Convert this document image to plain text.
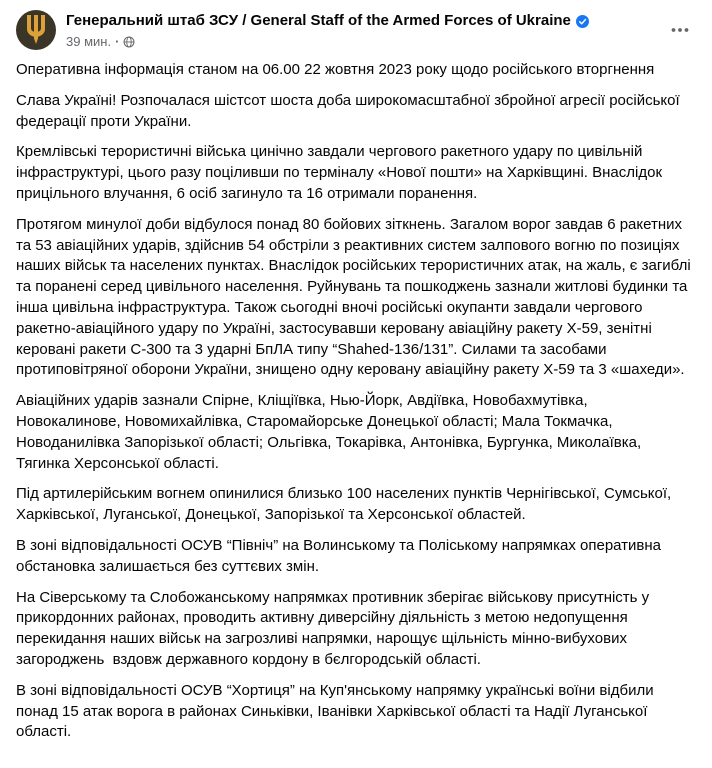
Генеральний штаб ЗСУ / General Staff of the Armed Forces of Ukraine
39 мин. ·

Оперативна інформація станом на 06.00 22 жовтня 2023 року щодо російського вторгнення

Слава Україні! Розпочалася шістсот шоста доба широкомасштабної збройної агресії російської федерації проти України.

Кремлівські терористичні війська цинічно завдали чергового ракетного удару по цивільній інфраструктурі, цього разу поціливши по терміналу «Нової пошти» на Харківщині. Внаслідок прицільного влучання, 6 осіб загинуло та 16 отримали поранення.

Протягом минулої доби відбулося понад 80 бойових зіткнень. Загалом ворог завдав 6 ракетних та 53 авіаційних ударів, здійснив 54 обстріли з реактивних систем залпового вогню по позиціях наших військ та населених пунктах. Внаслідок російських терористичних атак, на жаль, є загиблі та поранені серед цивільного населення. Руйнувань та пошкоджень зазнали житлові будинки та інша цивільна інфраструктура. Також сьогодні вночі російські окупанти завдали чергового ракетно-авіаційного удару по Україні, застосувавши керовану авіаційну ракету Х-59, зенітні керовані ракети С-300 та 3 ударні БпЛА типу “Shahed-136/131”. Силами та засобами протиповітряної оборони України, знищено одну керовану авіаційну ракету Х-59 та 3 «шахеди».

Авіаційних ударів зазнали Спірне, Кліщіївка, Нью-Йорк, Авдіївка, Новобахмутівка, Новокалинове, Новомихайлівка, Старомайорське Донецької області; Мала Токмачка, Новоданилівка Запорізької області; Ольгівка, Токарівка, Антонівка, Бургунка, Миколаївка, Тягинка Херсонської області.

Під артилерійським вогнем опинилися близько 100 населених пунктів Чернігівської, Сумської, Харківської, Луганської, Донецької, Запорізької та Херсонської областей.

В зоні відповідальності ОСУВ “Північ” на Волинському та Поліському напрямках оперативна обстановка залишається без суттєвих змін.

На Сіверському та Слобожанському напрямках противник зберігає військову присутність у прикордонних районах, проводить активну диверсійну діяльність з метою недопущення перекидання наших військ на загрозливі напрямки, нарощує щільність мінно-вибухових загороджень  вздовж державного кордону в бєлгородській області.

В зоні відповідальності ОСУВ “Хортиця” на Куп'янському напрямку українські воїни відбили понад 15 атак ворога в районах Синьківки, Іванівки Харківської області та Надії Луганської області.
